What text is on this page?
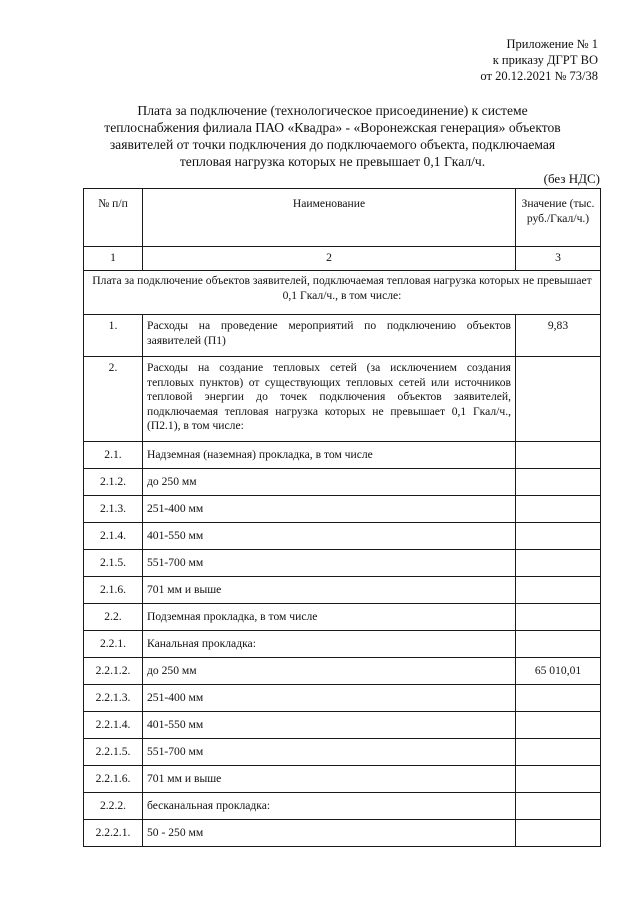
Приложение № 1
к приказу ДГРТ ВО
от 20.12.2021 № 73/38
Плата за подключение (технологическое присоединение) к системе
теплоснабжения филиала ПАО «Квадра» - «Воронежская генерация» объектов
заявителей от точки подключения до подключаемого объекта, подключаемая
тепловая нагрузка которых не превышает 0,1 Гкал/ч.
(без НДС)
№ п/п	Наименование	Значение (тыс. руб./Гкал/ч.)
1	2	3
Плата за подключение объектов заявителей, подключаемая тепловая нагрузка которых не превышает 0,1 Гкал/ч., в том числе:		
1.	Расходы на проведение мероприятий по подключению объектов заявителей (П1)	9,83
2.	Расходы на создание тепловых сетей (за исключением создания тепловых пунктов) от существующих тепловых сетей или источников тепловой энергии до точек подключения объектов заявителей, подключаемая тепловая нагрузка которых не превышает 0,1 Гкал/ч., (П2.1), в том числе:	
2.1.	Надземная (наземная) прокладка, в том числе	
2.1.2.	до 250 мм	
2.1.3.	251-400 мм	
2.1.4.	401-550 мм	
2.1.5.	551-700 мм	
2.1.6.	701 мм и выше	
2.2.	Подземная прокладка, в том числе	
2.2.1.	Канальная прокладка:	
2.2.1.2.	до 250 мм	65 010,01
2.2.1.3.	251-400 мм	
2.2.1.4.	401-550 мм	
2.2.1.5.	551-700 мм	
2.2.1.6.	701 мм и выше	
2.2.2.	бесканальная прокладка:	
2.2.2.1.	50 - 250 мм	
